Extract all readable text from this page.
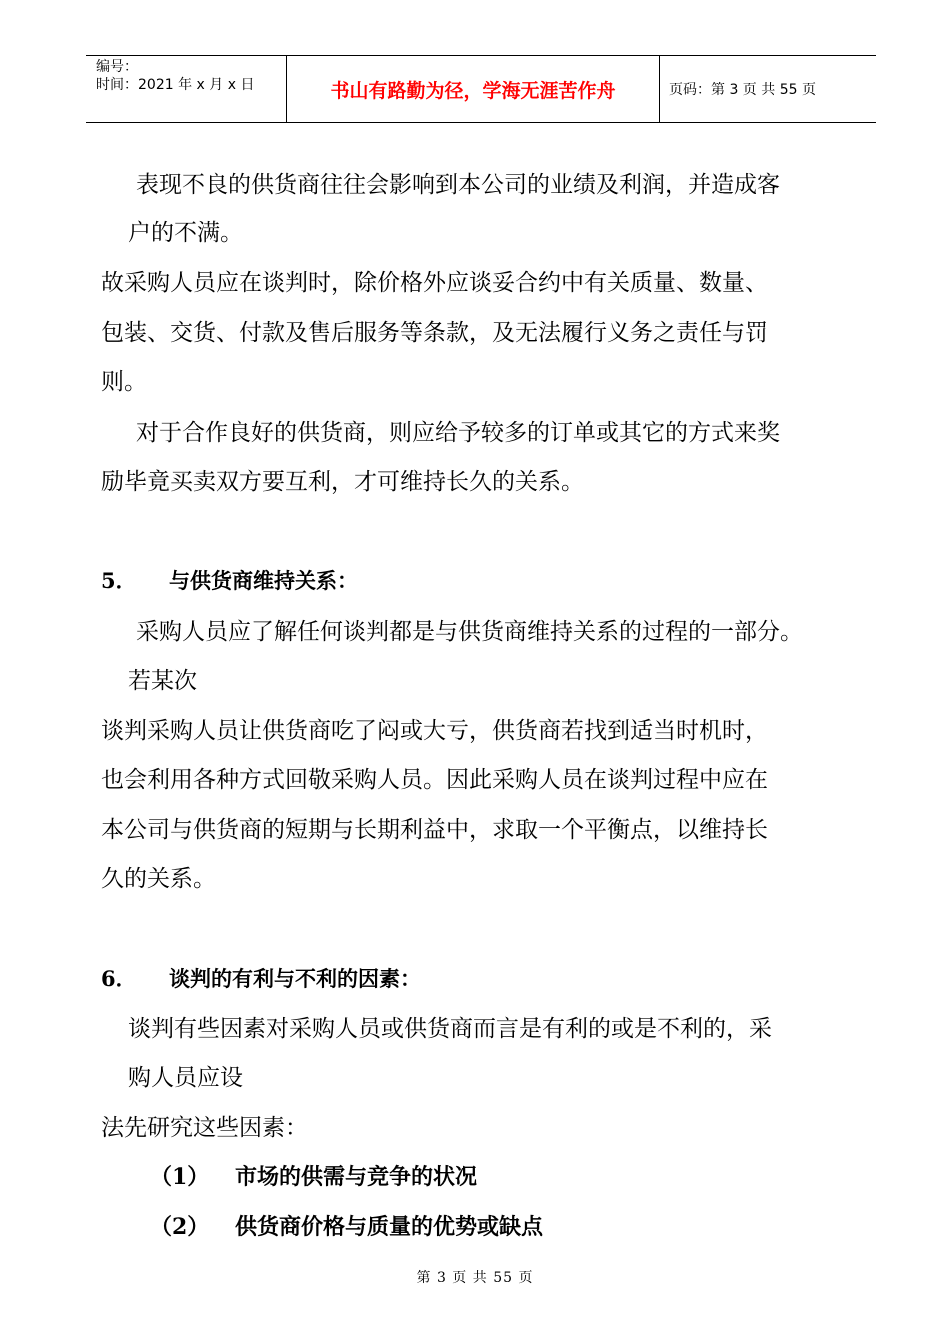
编号：
时间：2021 年 x 月 x 日	书山有路勤为径，学海无涯苦作舟	页码：第 3 页 共 55 页
表现不良的供货商往往会影响到本公司的业绩及利润，并造成客
户的不满。
故采购人员应在谈判时，除价格外应谈妥合约中有关质量、数量、
包装、交货、付款及售后服务等条款，及无法履行义务之责任与罚
则。
对于合作良好的供货商，则应给予较多的订单或其它的方式来奖
励毕竟买卖双方要互利，才可维持长久的关系。
5． 与供货商维持关系：
采购人员应了解任何谈判都是与供货商维持关系的过程的一部分。
若某次
谈判采购人员让供货商吃了闷或大亏，供货商若找到适当时机时，
也会利用各种方式回敬采购人员。因此采购人员在谈判过程中应在
本公司与供货商的短期与长期利益中，求取一个平衡点，以维持长
久的关系。
6． 谈判的有利与不利的因素：
谈判有些因素对采购人员或供货商而言是有利的或是不利的，采
购人员应设
法先研究这些因素：
（1） 市场的供需与竞争的状况
（2） 供货商价格与质量的优势或缺点
第 3 页 共 55 页
